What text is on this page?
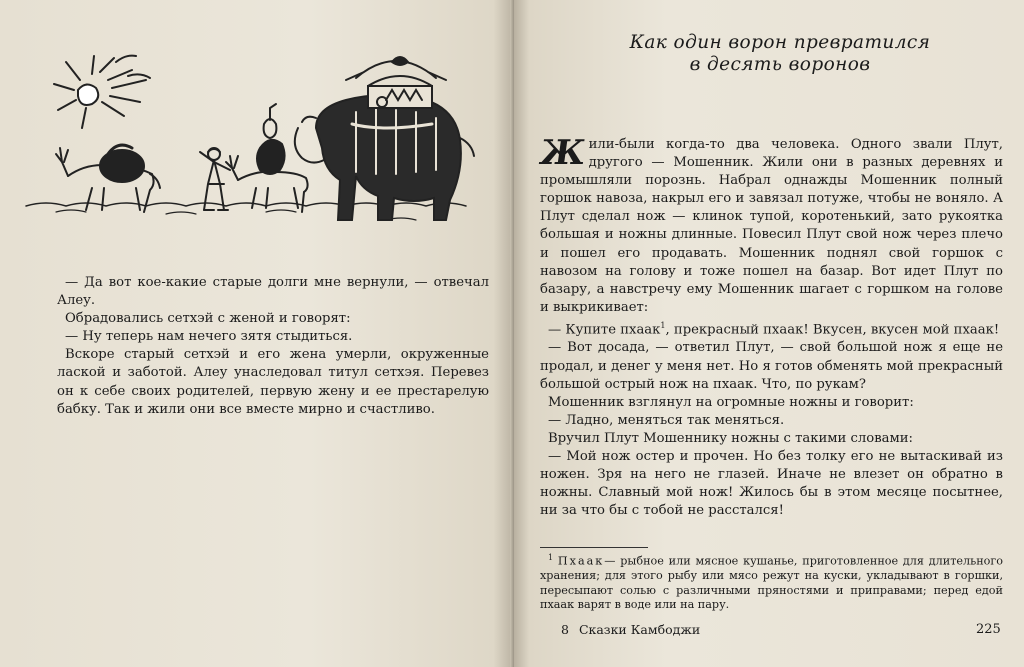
— Да вот кое-какие старые долги мне вернули, — отвечал Алеу.

Обрадовались сетхэй с женой и говорят:

— Ну теперь нам нечего зятя стыдиться.

Вскоре старый сетхэй и его жена умерли, окруженные лаской и заботой. Алеу унаследовал титул сетхэя. Перевез он к себе своих родителей, первую жену и ее престарелую бабку. Так и жили они все вместе мирно и счастливо.

Как один ворон превратился
в десять воронов

Жили-были когда-то два человека. Одного звали Плут, другого — Мошенник. Жили они в разных деревнях и промышляли порознь. Набрал однажды Мошенник полный горшок навоза, накрыл его и завязал потуже, чтобы не воняло. А Плут сделал нож — клинок тупой, коротенький, зато рукоятка большая и ножны длинные. Повесил Плут свой нож через плечо и пошел его продавать. Мошенник поднял свой горшок с навозом на голову и тоже пошел на базар. Вот идет Плут по базару, а навстречу ему Мошенник шагает с горшком на голове и выкрикивает:

— Купите пхаак$^1$, прекрасный пхаак! Вкусен, вкусен мой пхаак!

— Вот досада, — ответил Плут, — свой большой нож я еще не продал, и денег у меня нет. Но я готов обменять мой прекрасный большой острый нож на пхаак. Что, по рукам?

Мошенник взглянул на огромные ножны и говорит:

— Ладно, меняться так меняться.

Вручил Плут Мошеннику ножны с такими словами:

— Мой нож остер и прочен. Но без толку его не вытаскивай из ножен. Зря на него не глазей. Иначе не влезет он обратно в ножны. Славный мой нож! Жилось бы в этом месяце посытнее, ни за что бы с тобой не расстался!

$^1$ Пхаак— рыбное или мясное кушанье, приготовленное для длительного хранения; для этого рыбу или мясо режут на куски, укладывают в горшки, пересыпают солью с различными пряностями и приправами; перед едой пхаак варят в воде или на пару.

8 Сказки Камбоджи	225
